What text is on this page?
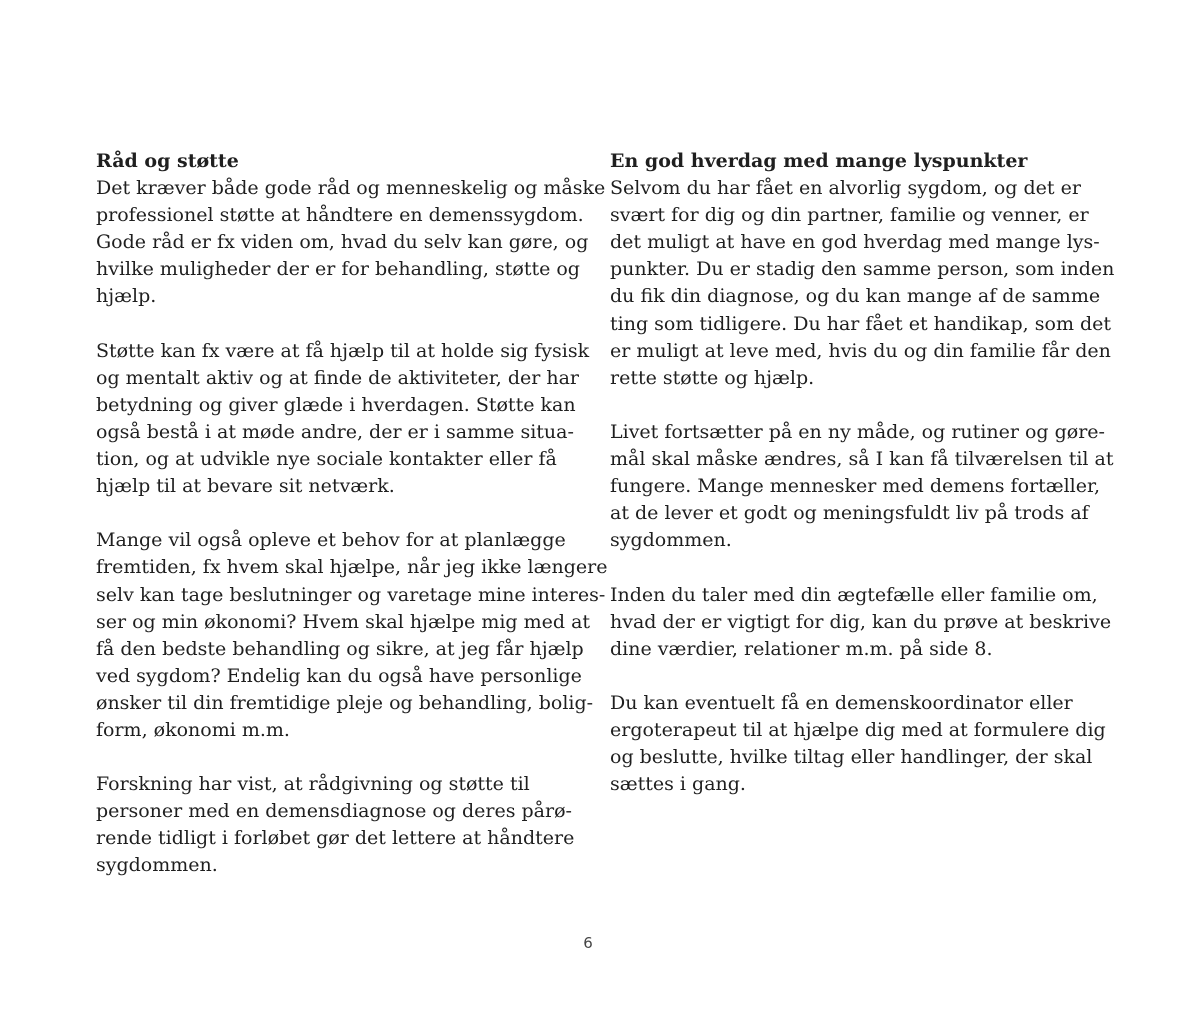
Råd og støtte

Det kræver både gode råd og menneskelig og måske
professionel støtte at håndtere en demenssygdom.
Gode råd er fx viden om, hvad du selv kan gøre, og
hvilke muligheder der er for behandling, støtte og
hjælp.

Støtte kan fx være at få hjælp til at holde sig fysisk
og mentalt aktiv og at finde de aktiviteter, der har
betydning og giver glæde i hverdagen. Støtte kan
også bestå i at møde andre, der er i samme situa-
tion, og at udvikle nye sociale kontakter eller få
hjælp til at bevare sit netværk.

Mange vil også opleve et behov for at planlægge
fremtiden, fx hvem skal hjælpe, når jeg ikke længere
selv kan tage beslutninger og varetage mine interes-
ser og min økonomi? Hvem skal hjælpe mig med at
få den bedste behandling og sikre, at jeg får hjælp
ved sygdom? Endelig kan du også have personlige
ønsker til din fremtidige pleje og behandling, bolig-
form, økonomi m.m.

Forskning har vist, at rådgivning og støtte til
personer med en demensdiagnose og deres pårø-
rende tidligt i forløbet gør det lettere at håndtere
sygdommen.

En god hverdag med mange lyspunkter

Selvom du har fået en alvorlig sygdom, og det er
svært for dig og din partner, familie og venner, er
det muligt at have en god hverdag med mange lys-
punkter. Du er stadig den samme person, som inden
du fik din diagnose, og du kan mange af de samme
ting som tidligere. Du har fået et handikap, som det
er muligt at leve med, hvis du og din familie får den
rette støtte og hjælp.

Livet fortsætter på en ny måde, og rutiner og gøre-
mål skal måske ændres, så I kan få tilværelsen til at
fungere. Mange mennesker med demens fortæller,
at de lever et godt og meningsfuldt liv på trods af
sygdommen.

Inden du taler med din ægtefælle eller familie om,
hvad der er vigtigt for dig, kan du prøve at beskrive
dine værdier, relationer m.m. på side 8.

Du kan eventuelt få en demenskoordinator eller
ergoterapeut til at hjælpe dig med at formulere dig
og beslutte, hvilke tiltag eller handlinger, der skal
sættes i gang.

6
